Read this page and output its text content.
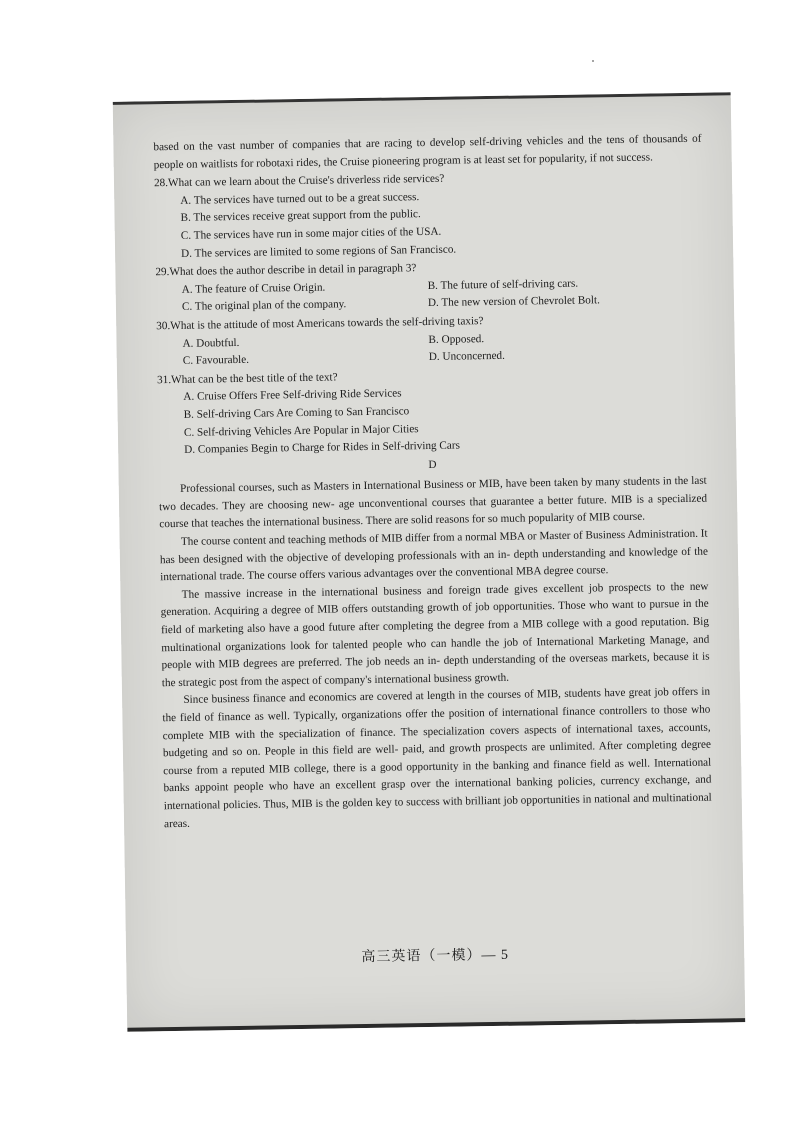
based on the vast number of companies that are racing to develop self-driving vehicles and the tens of thousands of people on waitlists for robotaxi rides, the Cruise pioneering program is at least set for popularity, if not success.

28.What can we learn about the Cruise's driverless ride services?

A. The services have turned out to be a great success.

B. The services receive great support from the public.

C. The services have run in some major cities of the USA.

D. The services are limited to some regions of San Francisco.

29.What does the author describe in detail in paragraph 3?

A. The feature of Cruise Origin.	B. The future of self-driving cars.
C. The original plan of the company.	D. The new version of Chevrolet Bolt.

30.What is the attitude of most Americans towards the self-driving taxis?

A. Doubtful.	B. Opposed.
C. Favourable.	D. Unconcerned.

31.What can be the best title of the text?

A. Cruise Offers Free Self-driving Ride Services

B. Self-driving Cars Are Coming to San Francisco

C. Self-driving Vehicles Are Popular in Major Cities

D. Companies Begin to Charge for Rides in Self-driving Cars

D

Professional courses, such as Masters in International Business or MIB, have been taken by many students in the last two decades. They are choosing new- age unconventional courses that guarantee a better future. MIB is a specialized course that teaches the international business. There are solid reasons for so much popularity of MIB course.

The course content and teaching methods of MIB differ from a normal MBA or Master of Business Administration. It has been designed with the objective of developing professionals with an in- depth understanding and knowledge of the international trade. The course offers various advantages over the conventional MBA degree course.

The massive increase in the international business and foreign trade gives excellent job prospects to the new generation. Acquiring a degree of MIB offers outstanding growth of job opportunities. Those who want to pursue in the field of marketing also have a good future after completing the degree from a MIB college with a good reputation. Big multinational organizations look for talented people who can handle the job of International Marketing Manage, and people with MIB degrees are preferred. The job needs an in- depth understanding of the overseas markets, because it is the strategic post from the aspect of company's international business growth.

Since business finance and economics are covered at length in the courses of MIB, students have great job offers in the field of finance as well. Typically, organizations offer the position of international finance controllers to those who complete MIB with the specialization of finance. The specialization covers aspects of international taxes, accounts, budgeting and so on. People in this field are well- paid, and growth prospects are unlimited. After completing degree course from a reputed MIB college, there is a good opportunity in the banking and finance field as well. International banks appoint people who have an excellent grasp over the international banking policies, currency exchange, and international policies. Thus, MIB is the golden key to success with brilliant job opportunities in national and multinational areas.

高三英语（一模）— 5
